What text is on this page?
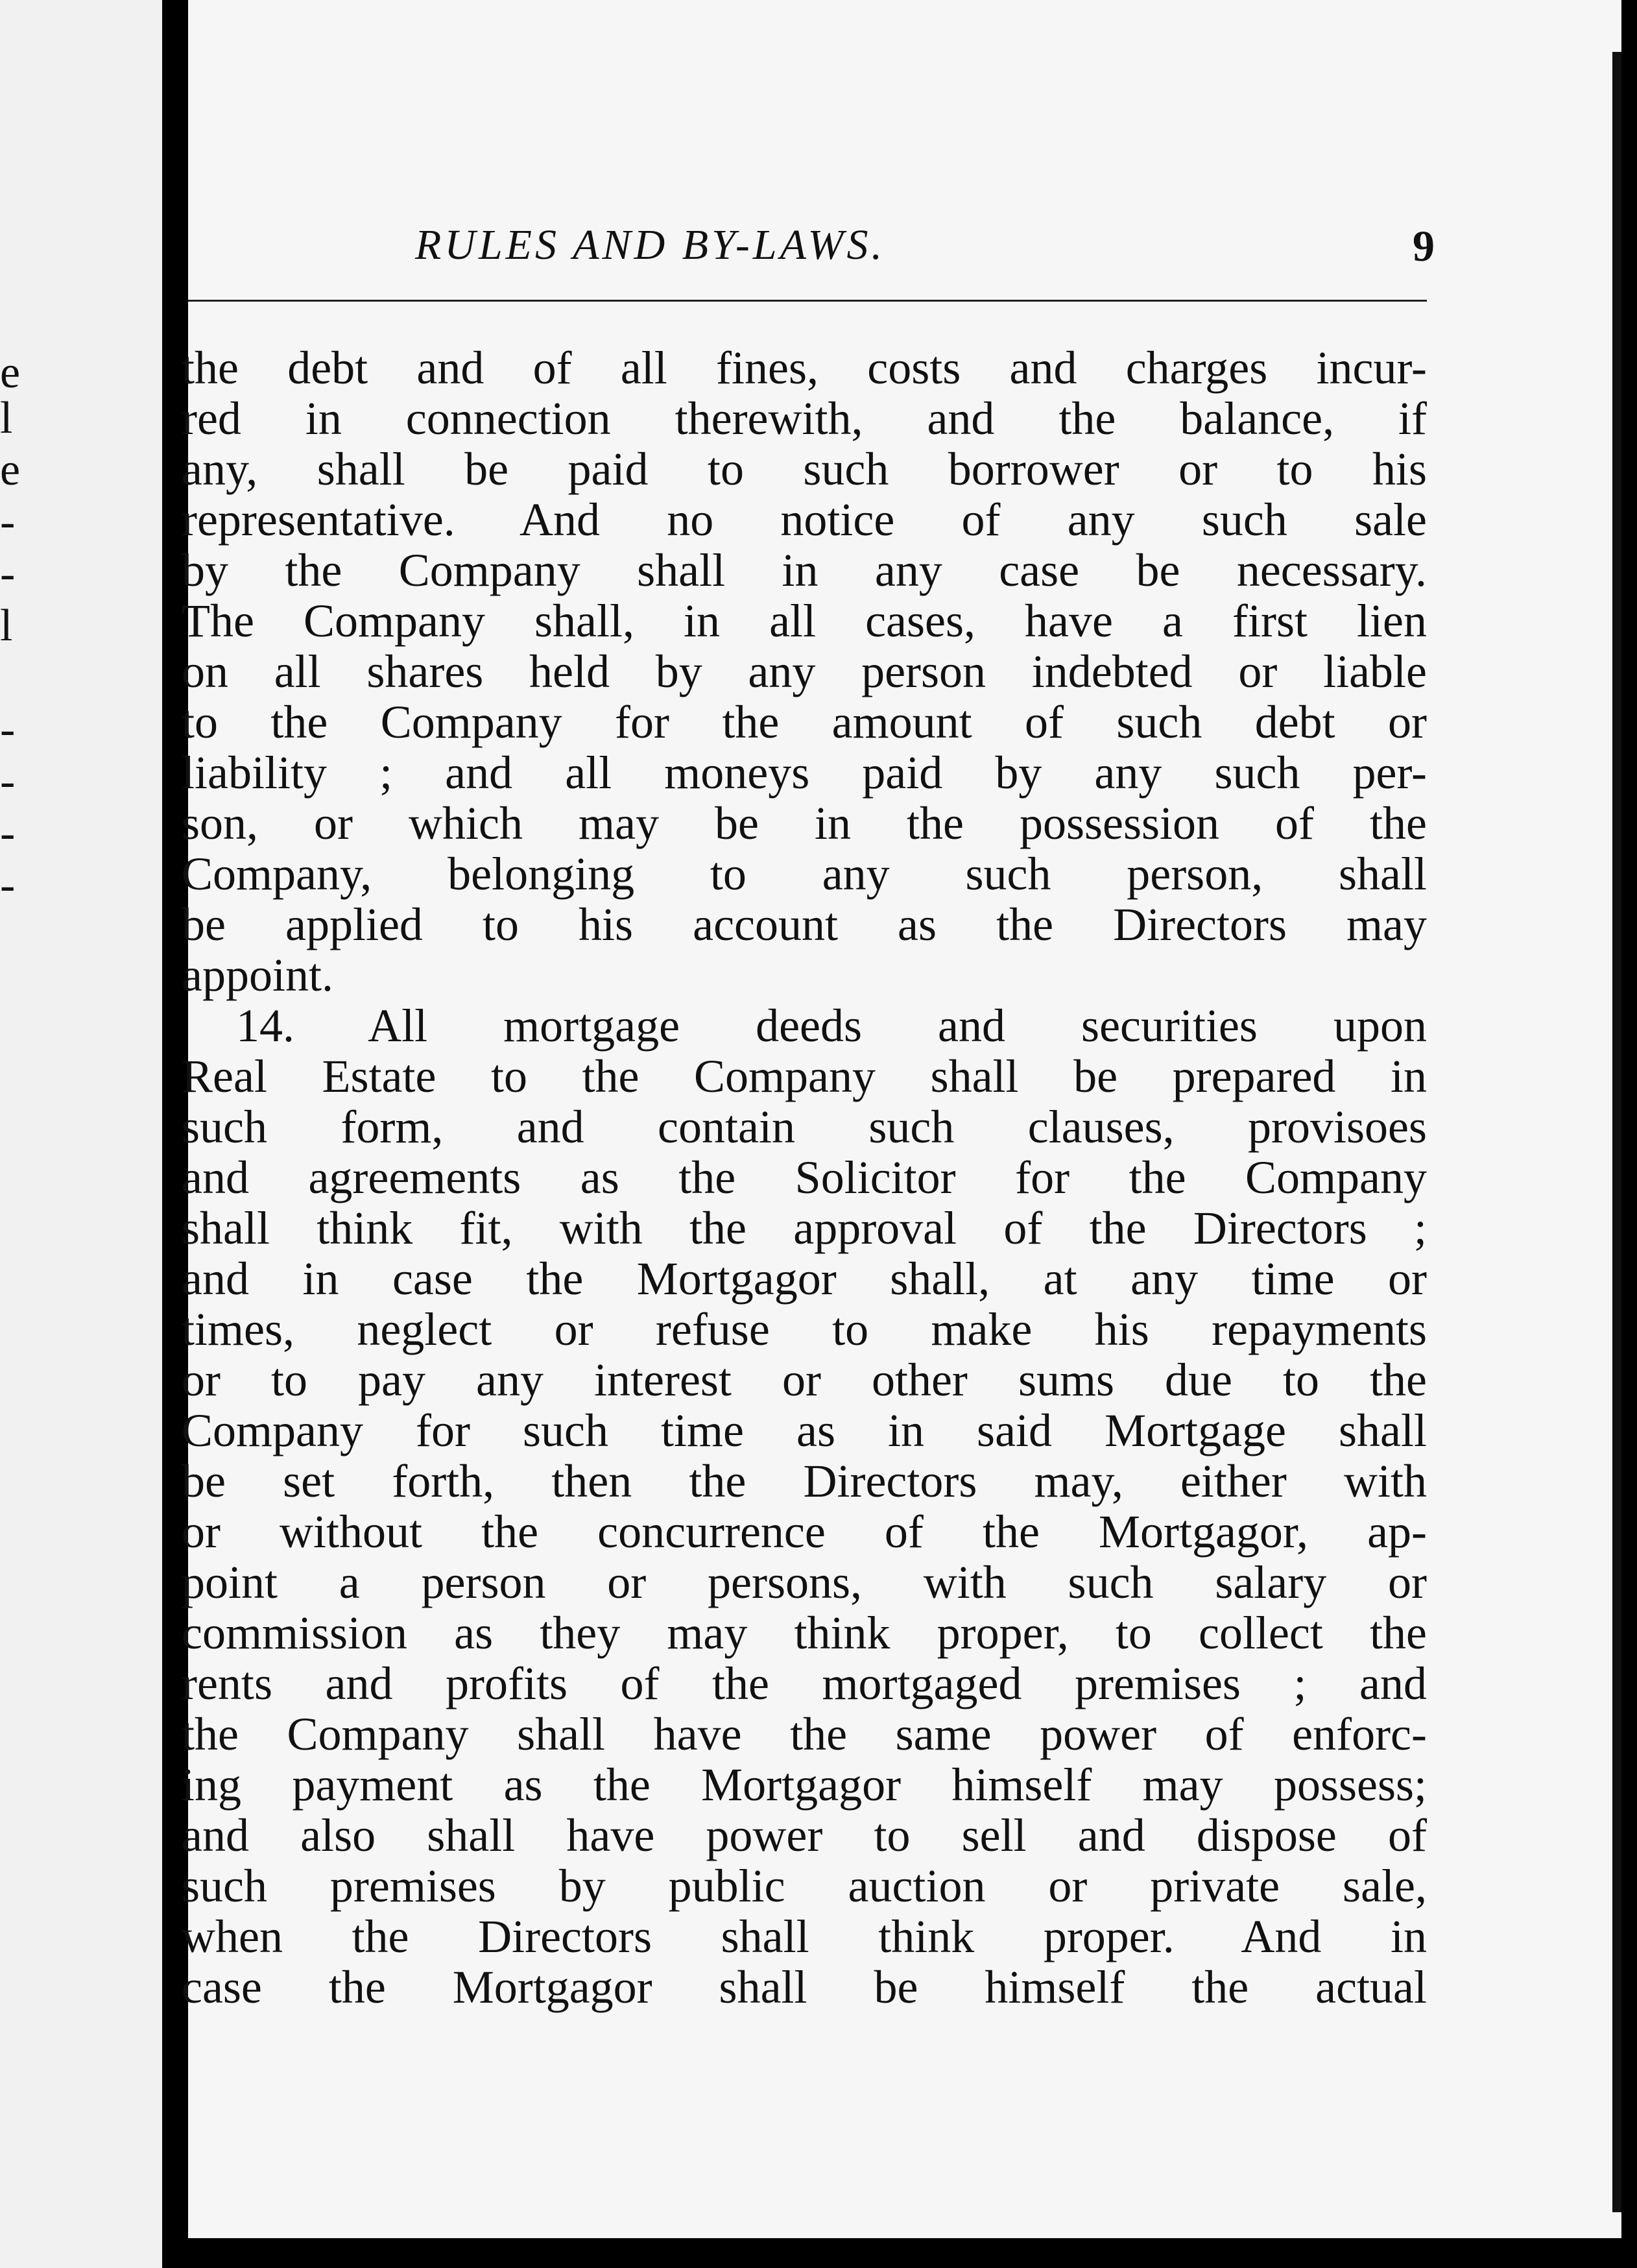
e
l
e
-
-
l
-
-
-
-
RULES AND BY-LAWS.	9
the debt and of all fines, costs and charges incur-
red in connection therewith, and the balance, if
any, shall be paid to such borrower or to his
representative. And no notice of any such sale
by the Company shall in any case be necessary.
The Company shall, in all cases, have a first lien
on all shares held by any person indebted or liable
to the Company for the amount of such debt or
liability ; and all moneys paid by any such per-
son, or which may be in the possession of the
Company, belonging to any such person, shall
be applied to his account as the Directors may
appoint.
14. All mortgage deeds and securities upon
Real Estate to the Company shall be prepared in
such form, and contain such clauses, provisoes
and agreements as the Solicitor for the Company
shall think fit, with the approval of the Directors ;
and in case the Mortgagor shall, at any time or
times, neglect or refuse to make his repayments
or to pay any interest or other sums due to the
Company for such time as in said Mortgage shall
be set forth, then the Directors may, either with
or without the concurrence of the Mortgagor, ap-
point a person or persons, with such salary or
commission as they may think proper, to collect the
rents and profits of the mortgaged premises ; and
the Company shall have the same power of enforc-
ing payment as the Mortgagor himself may possess;
and also shall have power to sell and dispose of
such premises by public auction or private sale,
when the Directors shall think proper. And in
case the Mortgagor shall be himself the actual
